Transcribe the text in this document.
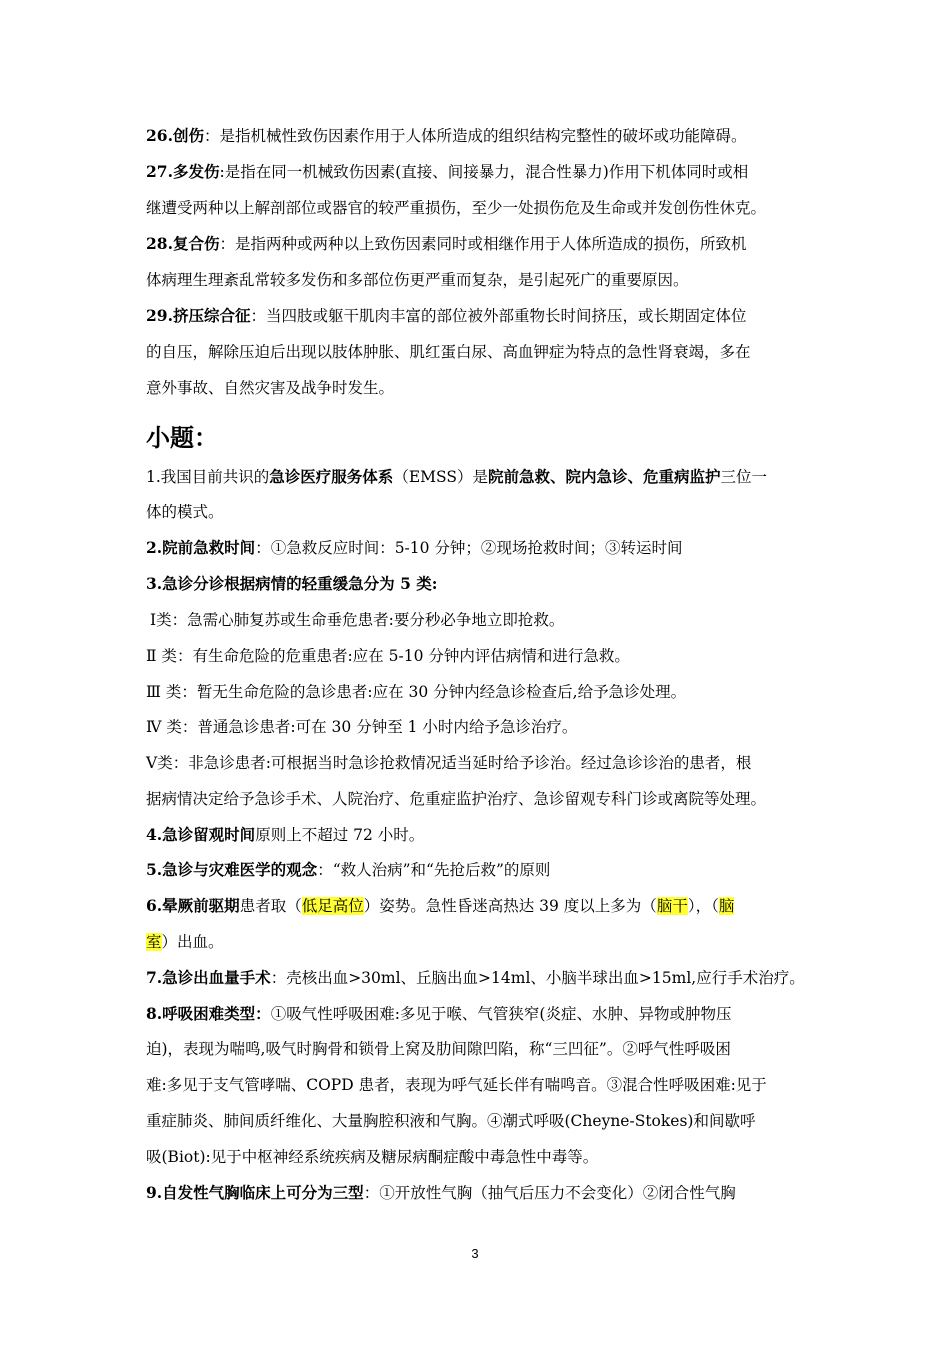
26.创伤：是指机械性致伤因素作用于人体所造成的组织结构完整性的破坏或功能障碍。
27.多发伤:是指在同一机械致伤因素(直接、间接暴力，混合性暴力)作用下机体同时或相
继遭受两种以上解剖部位或器官的较严重损伤，至少一处损伤危及生命或并发创伤性休克。
28.复合伤：是指两种或两种以上致伤因素同时或相继作用于人体所造成的损伤，所致机
体病理生理紊乱常较多发伤和多部位伤更严重而复杂，是引起死广的重要原因。
29.挤压综合征：当四肢或躯干肌肉丰富的部位被外部重物长时间挤压，或长期固定体位
的自压，解除压迫后出现以肢体肿胀、肌红蛋白尿、高血钾症为特点的急性肾衰竭，多在
意外事故、自然灾害及战争时发生。
小题：
1.我国目前共识的急诊医疗服务体系（EMSS）是院前急救、院内急诊、危重病监护三位一
体的模式。
2.院前急救时间：①急救反应时间：5-10 分钟；②现场抢救时间；③转运时间
3.急诊分诊根据病情的轻重缓急分为 5 类:
Ⅰ类：急需心肺复苏或生命垂危患者:要分秒必争地立即抢救。
Ⅱ 类：有生命危险的危重患者:应在 5-10 分钟内评估病情和进行急救。
Ⅲ 类：暂无生命危险的急诊患者:应在 30 分钟内经急诊检查后,给予急诊处理。
Ⅳ 类：普通急诊患者:可在 30 分钟至 1 小时内给予急诊治疗。
Ⅴ类：非急诊患者:可根据当时急诊抢救情况适当延时给予诊治。经过急诊诊治的患者，根
据病情决定给予急诊手术、人院治疗、危重症监护治疗、急诊留观专科门诊或离院等处理。
4.急诊留观时间原则上不超过 72 小时。
5.急诊与灾难医学的观念：“救人治病”和“先抢后救”的原则
6.晕厥前驱期患者取（低足高位）姿势。急性昏迷高热达 39 度以上多为（脑干），（脑
室）出血。
7.急诊出血量手术：壳核出血>30ml、丘脑出血>14ml、小脑半球出血>15ml,应行手术治疗。
8.呼吸困难类型：①吸气性呼吸困难:多见于喉、气管狭窄(炎症、水肿、异物或肿物压
迫)，表现为喘鸣,吸气时胸骨和锁骨上窝及肋间隙凹陷，称“三凹征”。②呼气性呼吸困
难:多见于支气管哮喘、COPD 患者，表现为呼气延长伴有喘鸣音。③混合性呼吸困难:见于
重症肺炎、肺间质纤维化、大量胸腔积液和气胸。④潮式呼吸(Cheyne-Stokes)和间歇呼
吸(Biot):见于中枢神经系统疾病及糖尿病酮症酸中毒急性中毒等。
9.自发性气胸临床上可分为三型：①开放性气胸（抽气后压力不会变化）②闭合性气胸
3
